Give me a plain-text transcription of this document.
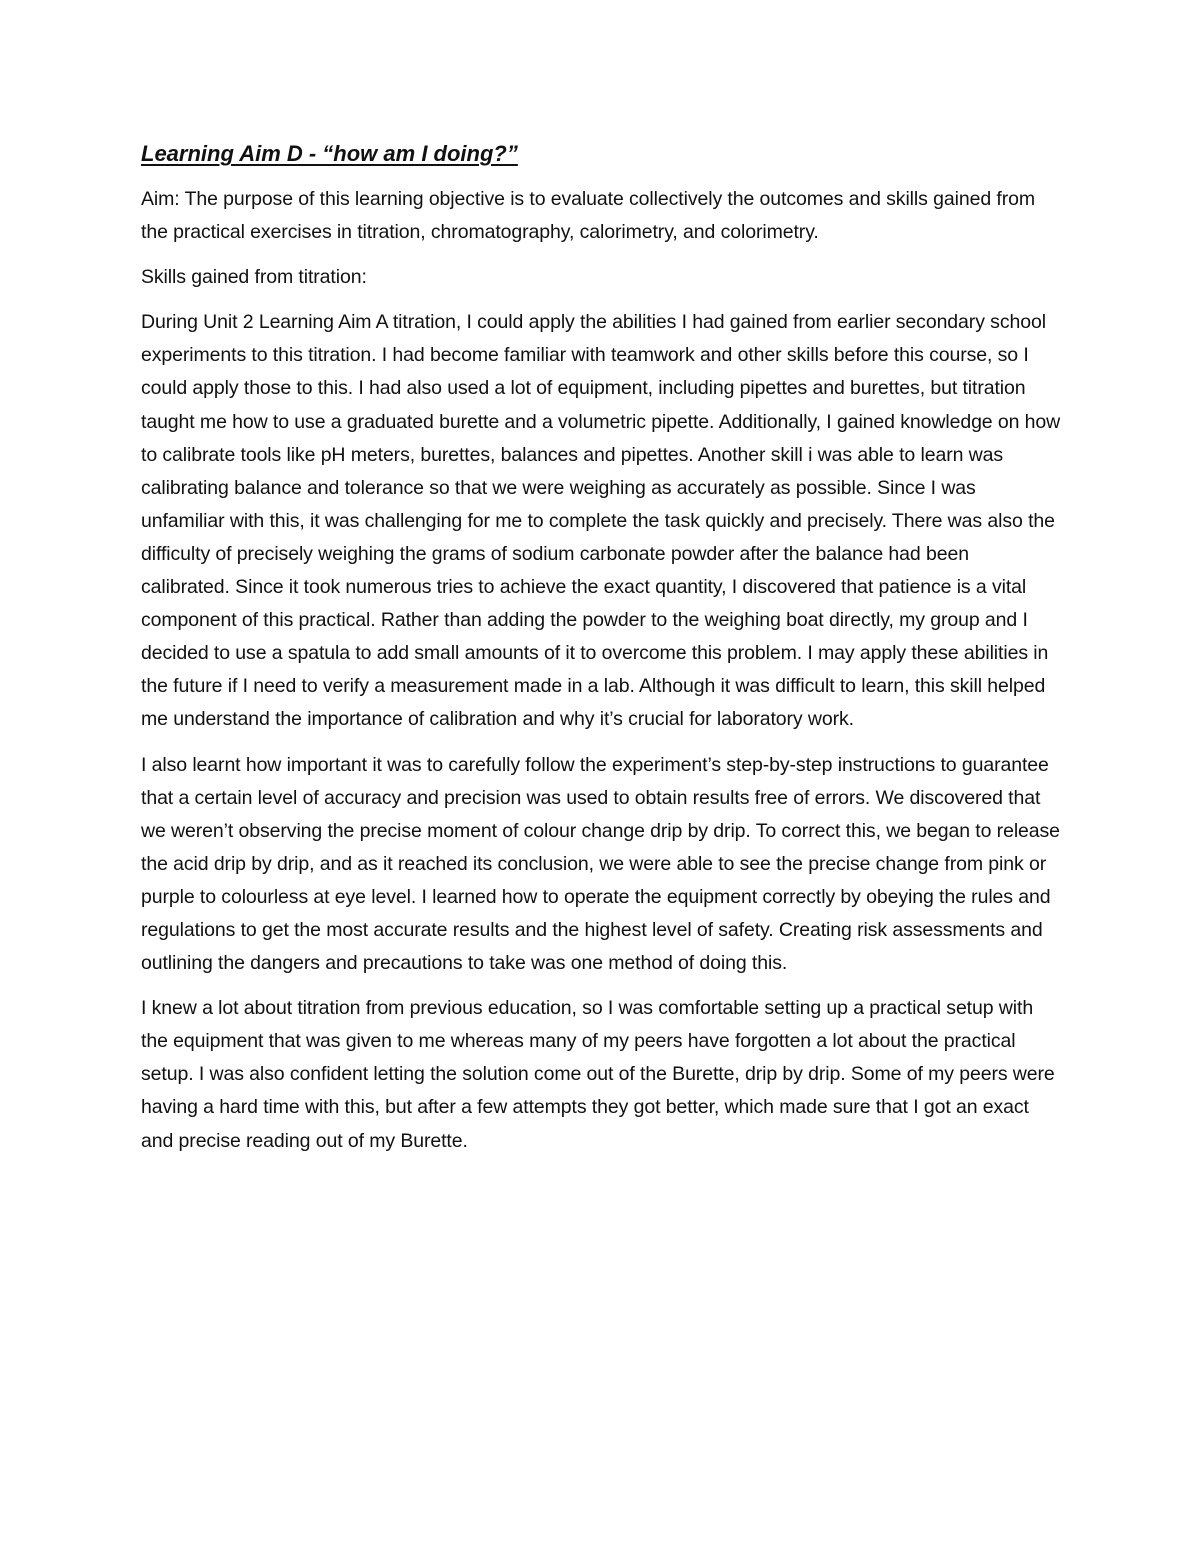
Learning Aim D - “how am I doing?”

Aim: The purpose of this learning objective is to evaluate collectively the outcomes and skills gained from the practical exercises in titration, chromatography, calorimetry, and colorimetry.

Skills gained from titration:

During Unit 2 Learning Aim A titration, I could apply the abilities I had gained from earlier secondary school experiments to this titration. I had become familiar with teamwork and other skills before this course, so I could apply those to this. I had also used a lot of equipment, including pipettes and burettes, but titration taught me how to use a graduated burette and a volumetric pipette. Additionally, I gained knowledge on how to calibrate tools like pH meters, burettes, balances and pipettes. Another skill i was able to learn was calibrating balance and tolerance so that we were weighing as accurately as possible. Since I was unfamiliar with this, it was challenging for me to complete the task quickly and precisely. There was also the difficulty of precisely weighing the grams of sodium carbonate powder after the balance had been calibrated. Since it took numerous tries to achieve the exact quantity, I discovered that patience is a vital component of this practical. Rather than adding the powder to the weighing boat directly, my group and I decided to use a spatula to add small amounts of it to overcome this problem. I may apply these abilities in the future if I need to verify a measurement made in a lab. Although it was difficult to learn, this skill helped me understand the importance of calibration and why it’s crucial for laboratory work.

I also learnt how important it was to carefully follow the experiment’s step-by-step instructions to guarantee that a certain level of accuracy and precision was used to obtain results free of errors. We discovered that we weren’t observing the precise moment of colour change drip by drip. To correct this, we began to release the acid drip by drip, and as it reached its conclusion, we were able to see the precise change from pink or purple to colourless at eye level. I learned how to operate the equipment correctly by obeying the rules and regulations to get the most accurate results and the highest level of safety. Creating risk assessments and outlining the dangers and precautions to take was one method of doing this.

I knew a lot about titration from previous education, so I was comfortable setting up a practical setup with the equipment that was given to me whereas many of my peers have forgotten a lot about the practical setup. I was also confident letting the solution come out of the Burette, drip by drip. Some of my peers were having a hard time with this, but after a few attempts they got better, which made sure that I got an exact and precise reading out of my Burette.
